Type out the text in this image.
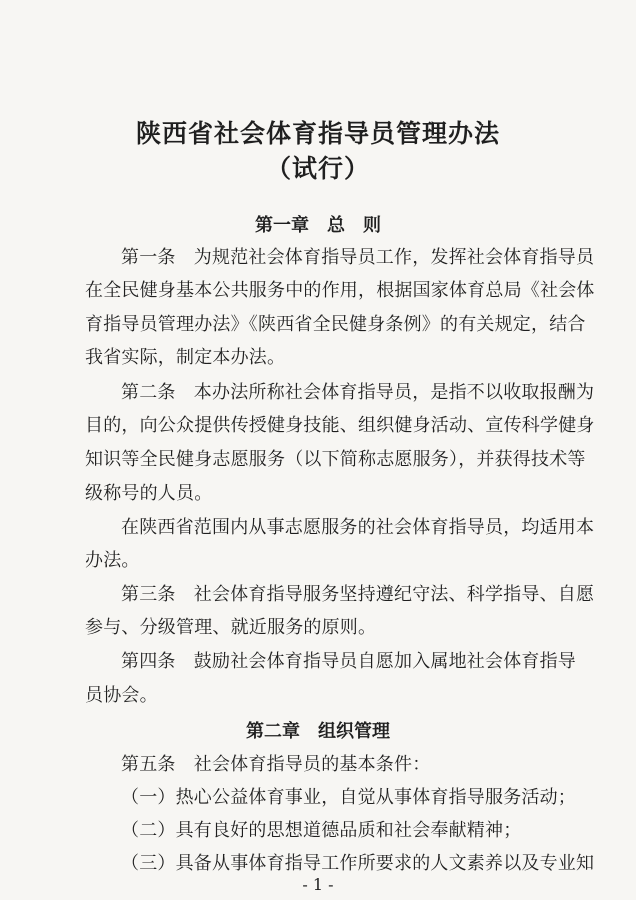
陕西省社会体育指导员管理办法
（试行）
第一章　总　则
第一条　为规范社会体育指导员工作，发挥社会体育指导员
在全民健身基本公共服务中的作用，根据国家体育总局《社会体
育指导员管理办法》《陕西省全民健身条例》的有关规定，结合
我省实际，制定本办法。
第二条　本办法所称社会体育指导员，是指不以收取报酬为
目的，向公众提供传授健身技能、组织健身活动、宣传科学健身
知识等全民健身志愿服务（以下简称志愿服务），并获得技术等
级称号的人员。
在陕西省范围内从事志愿服务的社会体育指导员，均适用本
办法。
第三条　社会体育指导服务坚持遵纪守法、科学指导、自愿
参与、分级管理、就近服务的原则。
第四条　鼓励社会体育指导员自愿加入属地社会体育指导
员协会。
第二章　组织管理
第五条　社会体育指导员的基本条件：
（一）热心公益体育事业，自觉从事体育指导服务活动；
（二）具有良好的思想道德品质和社会奉献精神；
（三）具备从事体育指导工作所要求的人文素养以及专业知
- 1 -
